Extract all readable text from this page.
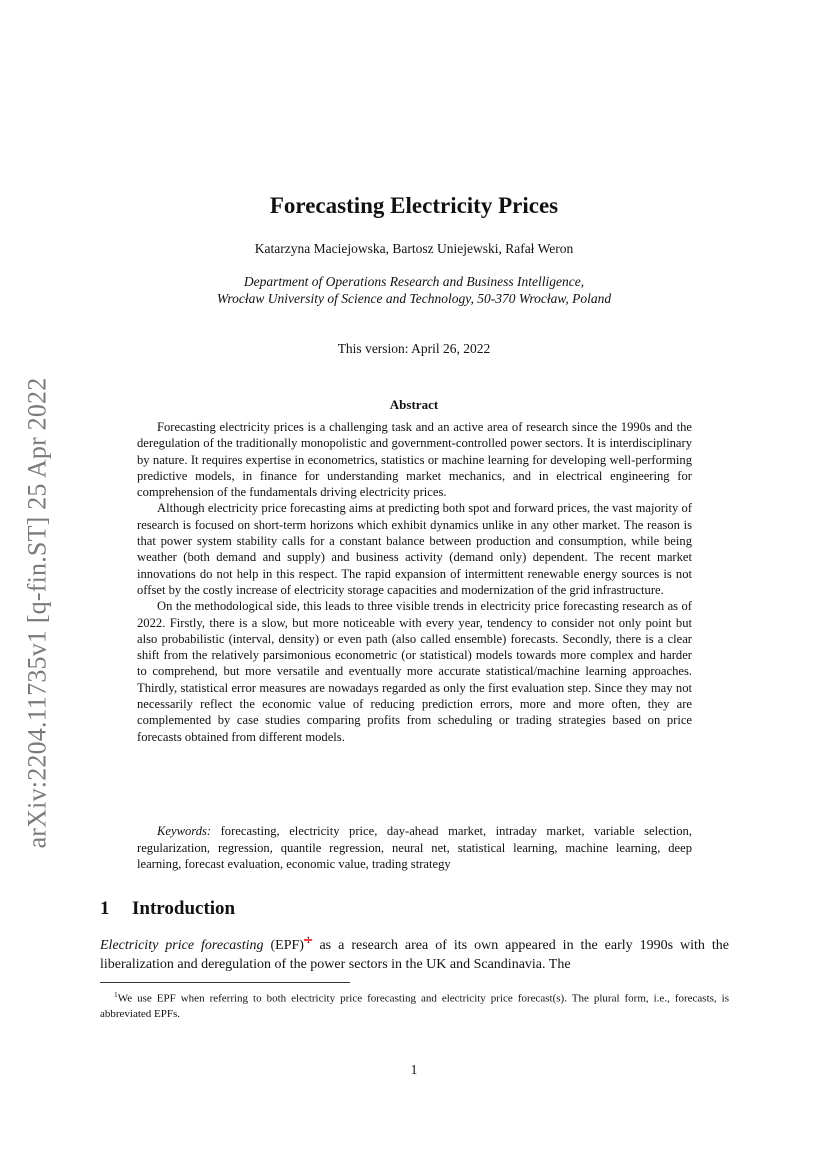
arXiv:2204.11735v1 [q-fin.ST] 25 Apr 2022
Forecasting Electricity Prices
Katarzyna Maciejowska, Bartosz Uniejewski, Rafał Weron
Department of Operations Research and Business Intelligence,
Wrocław University of Science and Technology, 50-370 Wrocław, Poland
This version: April 26, 2022
Abstract

Forecasting electricity prices is a challenging task and an active area of research since the 1990s and the deregulation of the traditionally monopolistic and government-controlled power sectors. It is interdisciplinary by nature. It requires expertise in econometrics, statistics or machine learning for developing well-performing predictive models, in finance for understanding market mechanics, and in electrical engineering for comprehension of the fundamentals driving electricity prices.

Although electricity price forecasting aims at predicting both spot and forward prices, the vast majority of research is focused on short-term horizons which exhibit dynamics unlike in any other market. The reason is that power system stability calls for a constant balance between production and consumption, while being weather (both demand and supply) and business activity (demand only) dependent. The recent market innovations do not help in this respect. The rapid expansion of intermittent renewable energy sources is not offset by the costly increase of electricity storage capacities and modernization of the grid infrastructure.

On the methodological side, this leads to three visible trends in electricity price forecasting research as of 2022. Firstly, there is a slow, but more noticeable with every year, tendency to consider not only point but also probabilistic (interval, density) or even path (also called ensemble) forecasts. Secondly, there is a clear shift from the relatively parsimonious econometric (or statistical) models towards more complex and harder to comprehend, but more versatile and eventually more accurate statistical/machine learning approaches. Thirdly, statistical error measures are nowadays regarded as only the first evaluation step. Since they may not necessarily reflect the economic value of reducing prediction errors, more and more often, they are complemented by case studies comparing profits from scheduling or trading strategies based on price forecasts obtained from different models.

Keywords: forecasting, electricity price, day-ahead market, intraday market, variable selection, regularization, regression, quantile regression, neural net, statistical learning, machine learning, deep learning, forecast evaluation, economic value, trading strategy
1 Introduction
Electricity price forecasting (EPF) 1 as a research area of its own appeared in the early 1990s with the liberalization and deregulation of the power sectors in the UK and Scandinavia. The
$^1$We use EPF when referring to both electricity price forecasting and electricity price forecast(s). The plural form, i.e., forecasts, is abbreviated EPFs.
1
